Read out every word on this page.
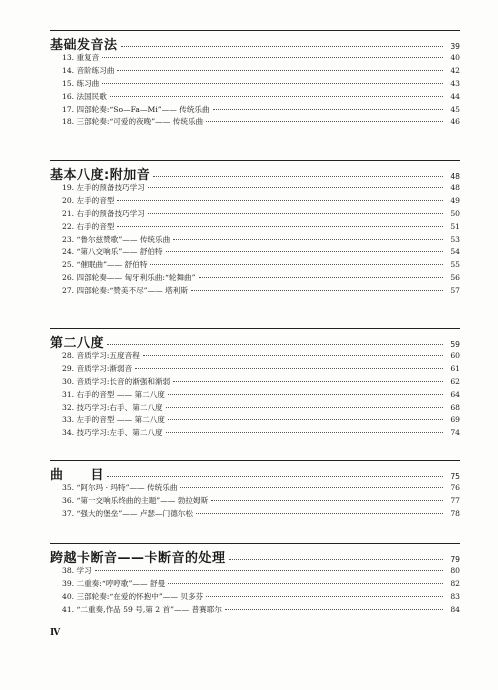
基础发音法	39
13. 重复音	40
14. 音阶练习曲	42
15. 练习曲	43
16. 法国民歌	44
17. 四部轮奏:“So—Fa—Mi”—— 传统乐曲	45
18. 三部轮奏:“可爱的夜晚”—— 传统乐曲	46
基本八度:附加音	48
19. 左手的预备技巧学习	48
20. 左手的音型	49
21. 右手的预备技巧学习	50
22. 右手的音型	51
23. “鲁尔兹赞歌”—— 传统乐曲	53
24. “第八交响乐”—— 舒伯特	54
25. “催眠曲”—— 舒伯特	55
26. 四部轮奏—— 匈牙利乐曲:“轮舞曲”	56
27. 四部轮奏:“赞美不尽”—— 塔利斯	57
第二八度	59
28. 音质学习:五度音程	60
29. 音质学习:渐弱音	61
30. 音质学习:长音的渐强和渐弱	62
31. 右手的音型 —— 第二八度	64
32. 技巧学习:右手、第二八度	68
33. 左手的音型 —— 第二八度	69
34. 技巧学习:左手、第二八度	74
曲　　目	75
35. “阿尔玛 · 玛特”—— 传统乐曲	76
36. “第一交响乐终曲的主题”—— 勃拉姆斯	77
37. “强大的堡垒”—— 卢瑟—门德尔松	78
跨越卡断音——卡断音的处理	79
38. 学习	80
39. 二重奏:“哼哼歌”—— 舒曼	82
40. 三部轮奏:“在爱的怀抱中”—— 贝多芬	83
41. “二重奏,作品 59 号,第 2 首”—— 普赛耶尔	84
Ⅳ
